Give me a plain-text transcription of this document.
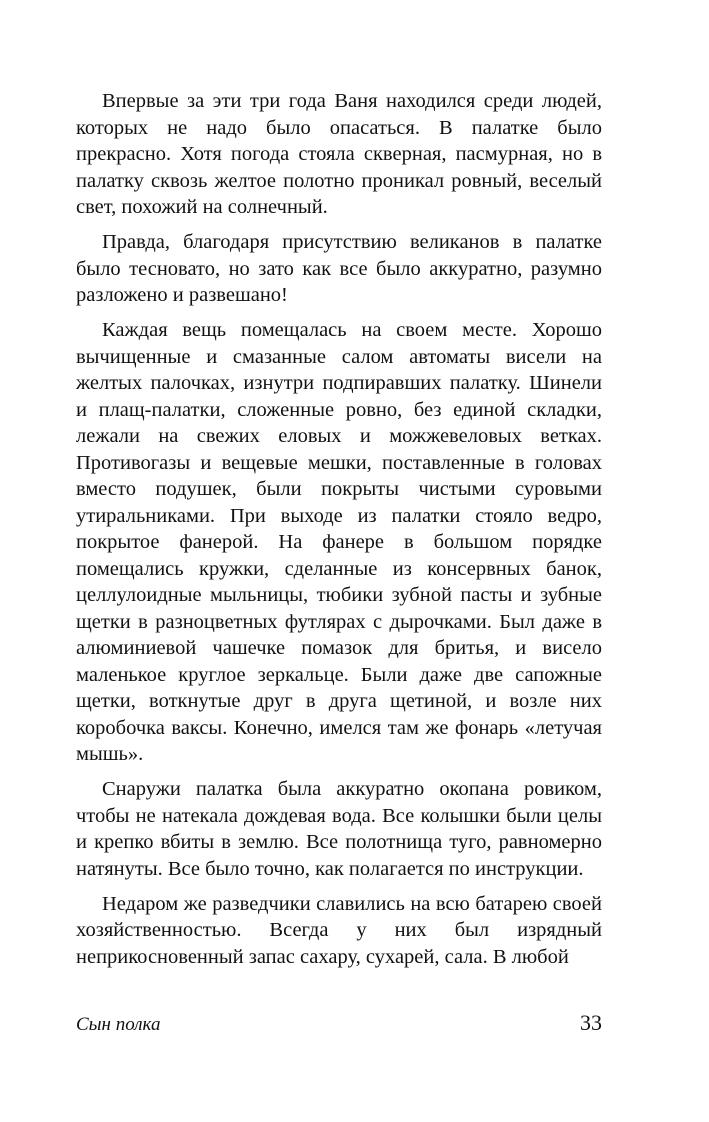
Впервые за эти три года Ваня находился среди людей, которых не надо было опасаться. В палатке было прекрасно. Хотя погода стояла скверная, пасмурная, но в палатку сквозь желтое полотно проникал ровный, веселый свет, похожий на солнечный.

Правда, благодаря присутствию великанов в палатке было тесновато, но зато как все было аккуратно, разумно разложено и развешано!

Каждая вещь помещалась на своем месте. Хорошо вычищенные и смазанные салом автоматы висели на желтых палочках, изнутри подпиравших палатку. Шинели и плащ-палатки, сложенные ровно, без единой складки, лежали на свежих еловых и можжевеловых ветках. Противогазы и вещевые мешки, поставленные в головах вместо подушек, были покрыты чистыми суровыми утиральниками. При выходе из палатки стояло ведро, покрытое фанерой. На фанере в большом порядке помещались кружки, сделанные из консервных банок, целлулоидные мыльницы, тюбики зубной пасты и зубные щетки в разноцветных футлярах с дырочками. Был даже в алюминиевой чашечке помазок для бритья, и висело маленькое круглое зеркальце. Были даже две сапожные щетки, воткнутые друг в друга щетиной, и возле них коробочка ваксы. Конечно, имелся там же фонарь «летучая мышь».

Снаружи палатка была аккуратно окопана ровиком, чтобы не натекала дождевая вода. Все колышки были целы и крепко вбиты в землю. Все полотнища туго, равномерно натянуты. Все было точно, как полагается по инструкции.

Недаром же разведчики славились на всю батарею своей хозяйственностью. Всегда у них был изрядный неприкосновенный запас сахару, сухарей, сала. В любой

Сын полка	33
